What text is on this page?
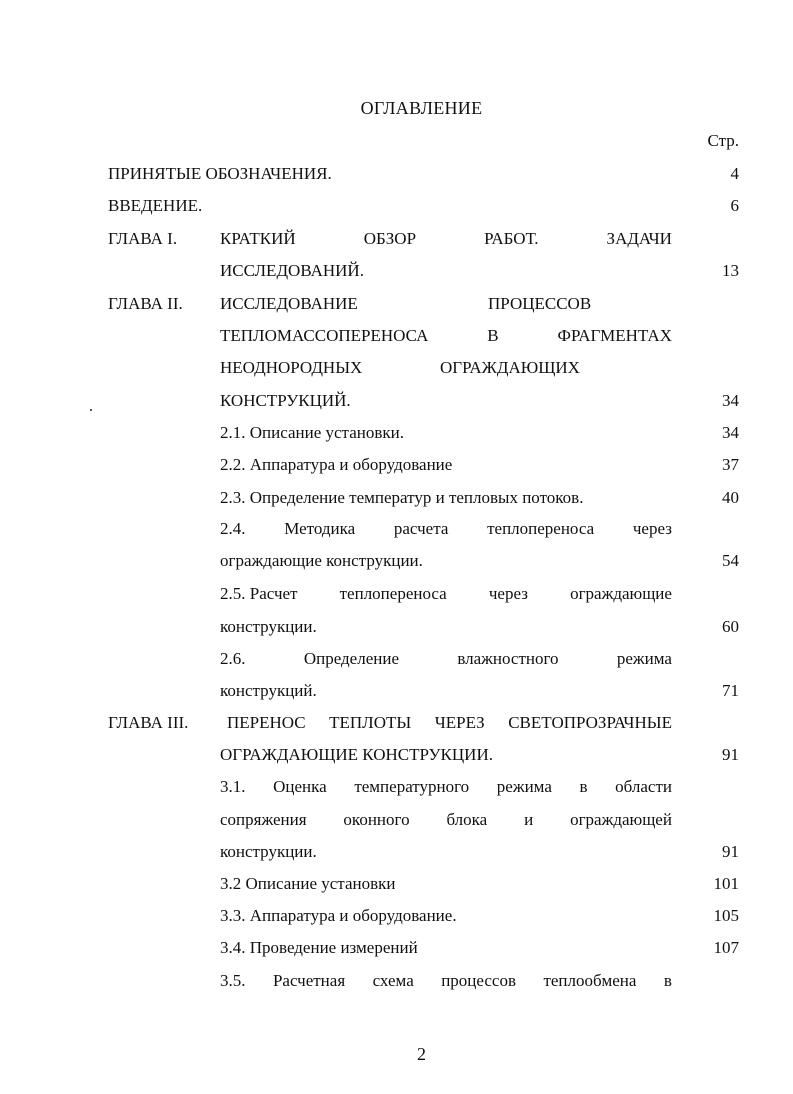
ОГЛАВЛЕНИЕ
Стр.
ПРИНЯТЫЕ ОБОЗНАЧЕНИЯ.	4
ВВЕДЕНИЕ.	6
ГЛАВА I.	КРАТКИЙ	ОБЗОР	РАБОТ.	ЗАДАЧИ
ИССЛЕДОВАНИЙ.	13
ГЛАВА II. ИССЛЕДОВАНИЕ	ПРОЦЕССОВ
ТЕПЛОМАССОПЕРЕНОСА	В	ФРАГМЕНТАХ
НЕОДНОРОДНЫХ	ОГРАЖДАЮЩИХ
КОНСТРУКЦИЙ.	34
2.1. Описание установки.	34
2.2. Аппаратура и оборудование	37
2.3. Определение температур и тепловых потоков.	40
2.4. Методика расчета теплопереноса через
ограждающие конструкции.	54
2.5. Расчет теплопереноса через ограждающие
конструкции.	60
2.6.	Определение	влажностного	режима
конструкций.	71
ГЛАВА III. ПЕРЕНОС ТЕПЛОТЫ ЧЕРЕЗ СВЕТОПРОЗРАЧНЫЕ
ОГРАЖДАЮЩИЕ КОНСТРУКЦИИ.	91
3.1. Оценка температурного режима в области
сопряжения оконного блока и ограждающей
конструкции.	91
3.2 Описание установки	101
3.3. Аппаратура и оборудование.	105
3.4. Проведение измерений	107
3.5. Расчетная схема процессов теплообмена в
2
